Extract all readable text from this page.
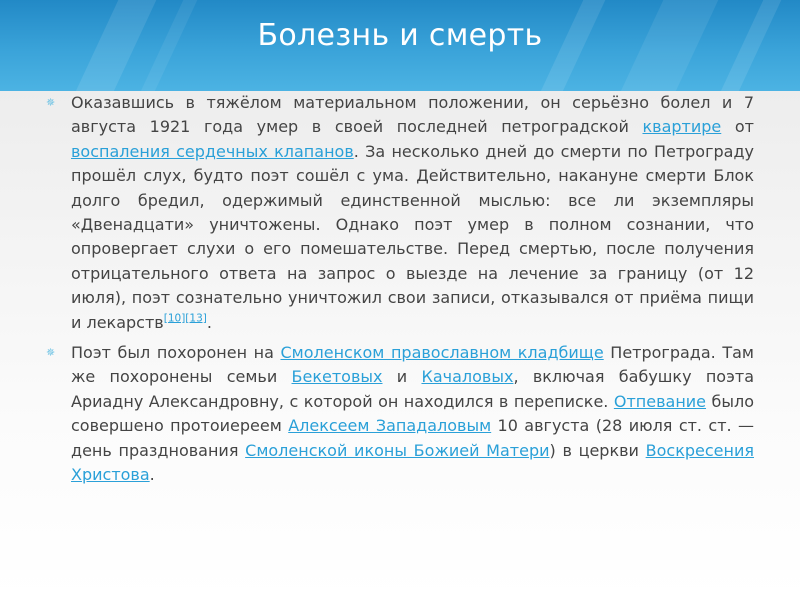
Болезнь и смерть
✵ Оказавшись в тяжёлом материальном положении, он серьёзно болел и 7 августа 1921 года умер в своей последней петроградской квартире от воспаления сердечных клапанов. За несколько дней до смерти по Петрограду прошёл слух, будто поэт сошёл с ума. Действительно, накануне смерти Блок долго бредил, одержимый единственной мыслью: все ли экземпляры «Двенадцати» уничтожены. Однако поэт умер в полном сознании, что опровергает слухи о его помешательстве. Перед смертью, после получения отрицательного ответа на запрос о выезде на лечение за границу (от 12 июля), поэт сознательно уничтожил свои записи, отказывался от приёма пищи и лекарств[10][13].
✵ Поэт был похоронен на Смоленском православном кладбище Петрограда. Там же похоронены семьи Бекетовых и Качаловых, включая бабушку поэта Ариадну Александровну, с которой он находился в переписке. Отпевание было совершено протоиереем Алексеем Западаловым 10 августа (28 июля ст. ст. — день празднования Смоленской иконы Божией Матери) в церкви Воскресения Христова.
